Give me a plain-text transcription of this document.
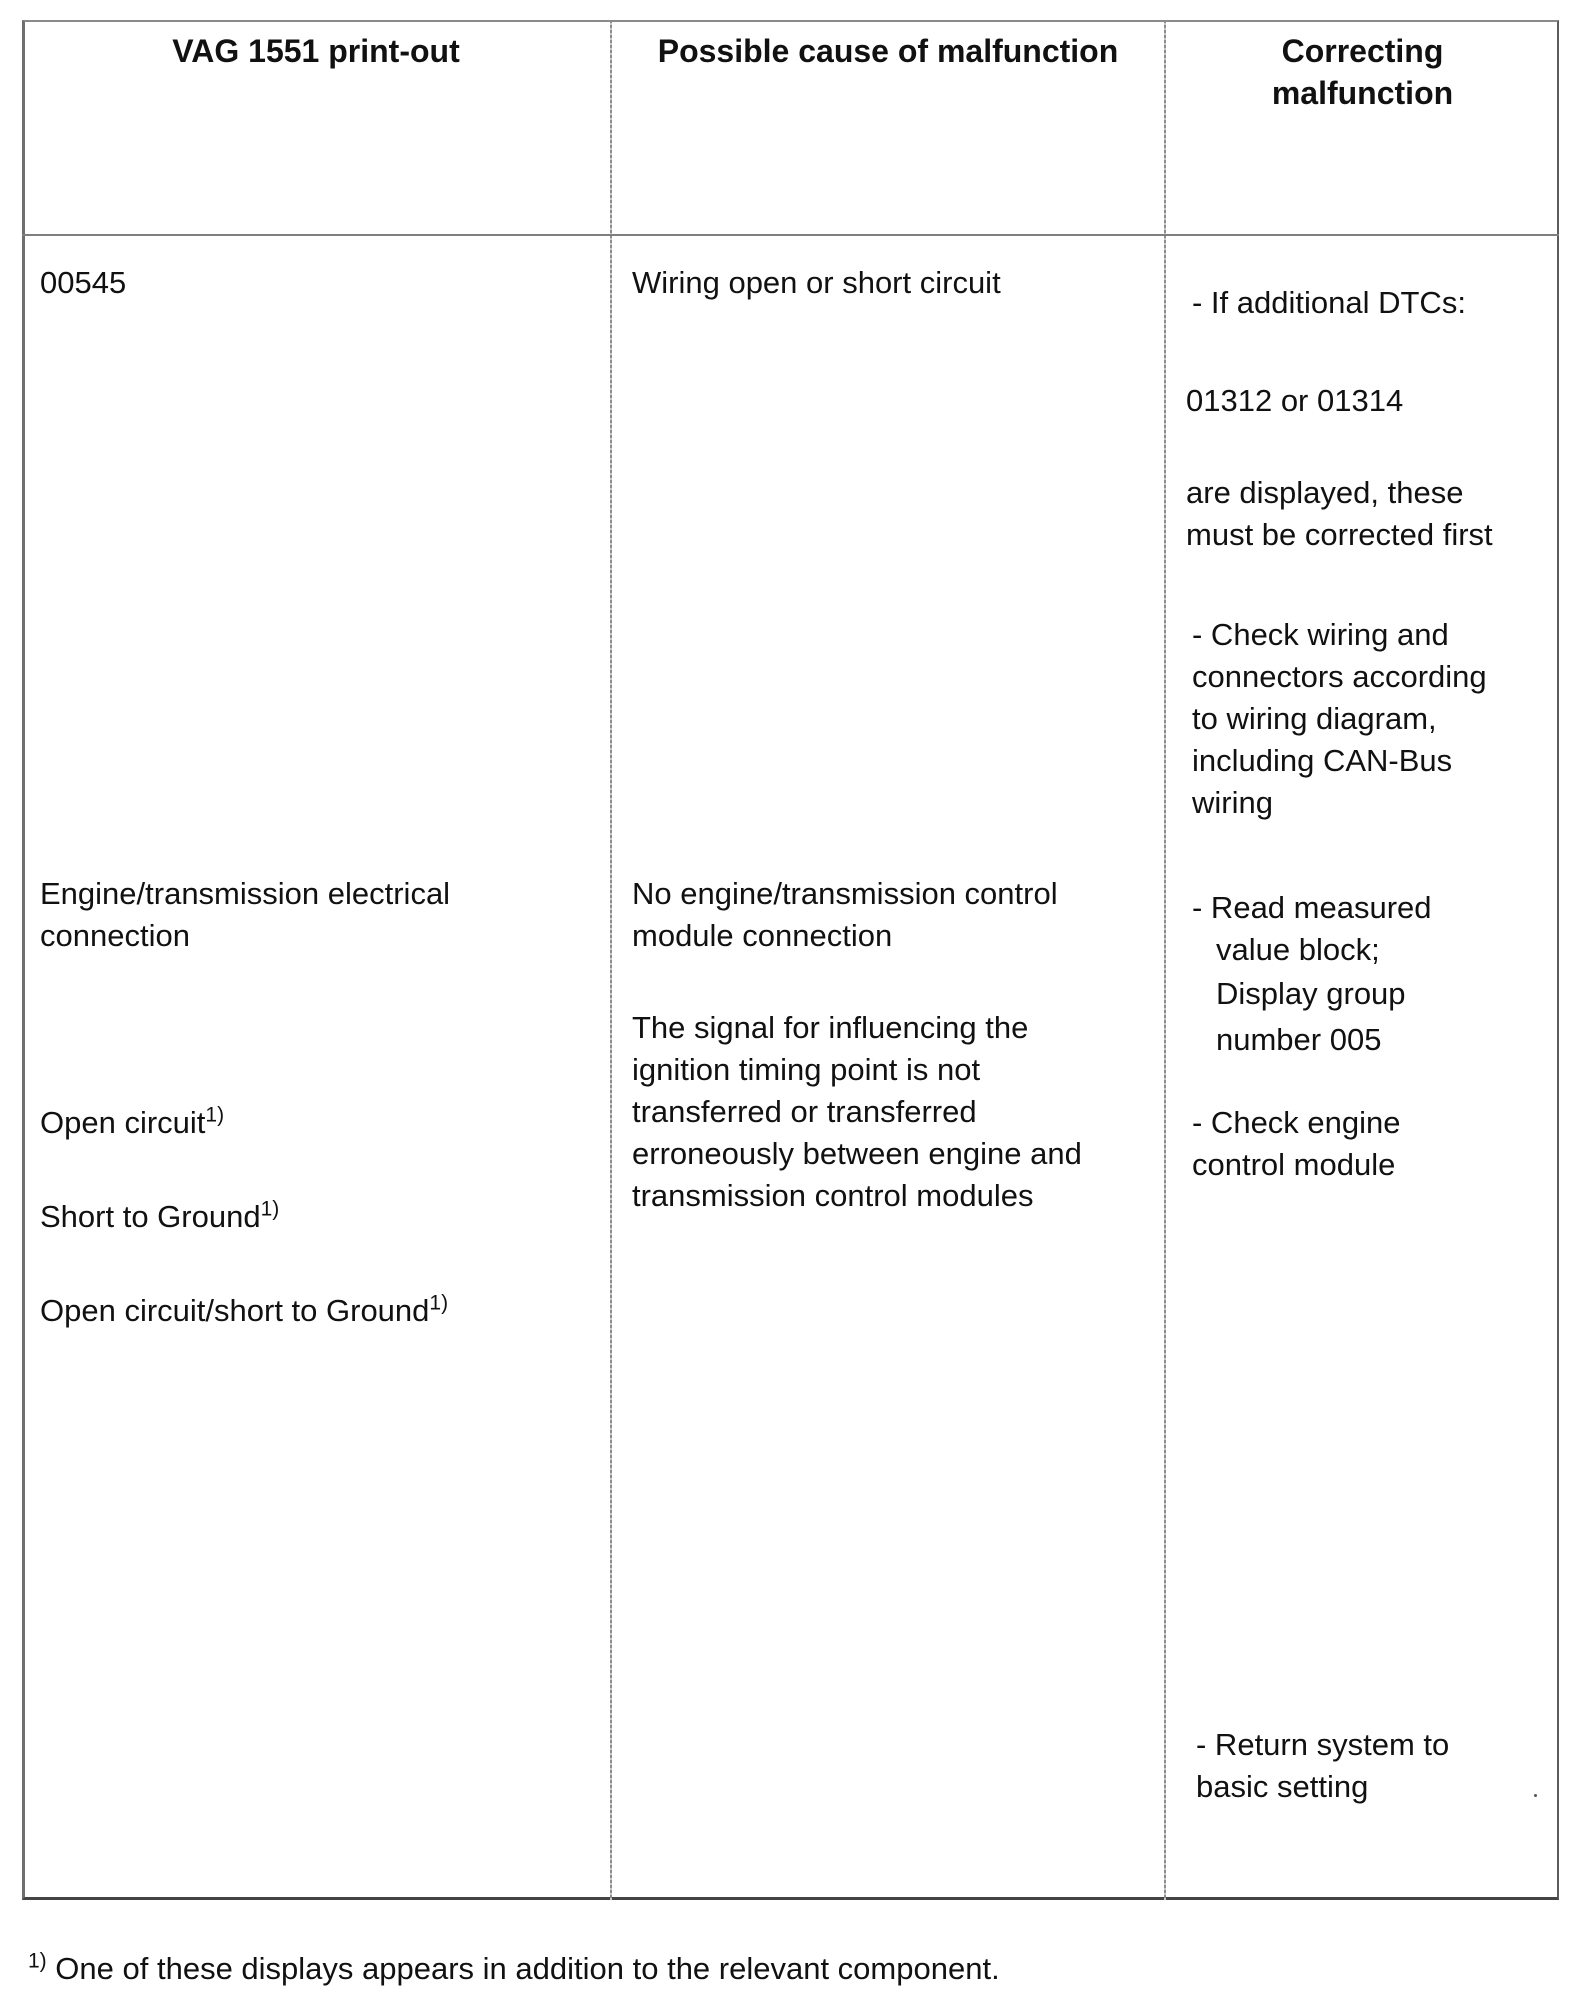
VAG 1551 print-out	Possible cause of malfunction	Correcting
malfunction
00545
Engine/transmission electrical
connection
Open circuit$^{1)}$
Short to Ground$^{1)}$
Open circuit/short to Ground$^{1)}$
Wiring open or short circuit
No engine/transmission control
module connection
The signal for influencing the
ignition timing point is not
transferred or transferred
erroneously between engine and
transmission control modules
- If additional DTCs:
01312 or 01314
are displayed, these
must be corrected first
- Check wiring and
connectors according
to wiring diagram,
including CAN-Bus
wiring
- Read measured
value block;
Display group
number 005
- Check engine
control module
- Return system to
basic setting
$^{1)}$ One of these displays appears in addition to the relevant component.
